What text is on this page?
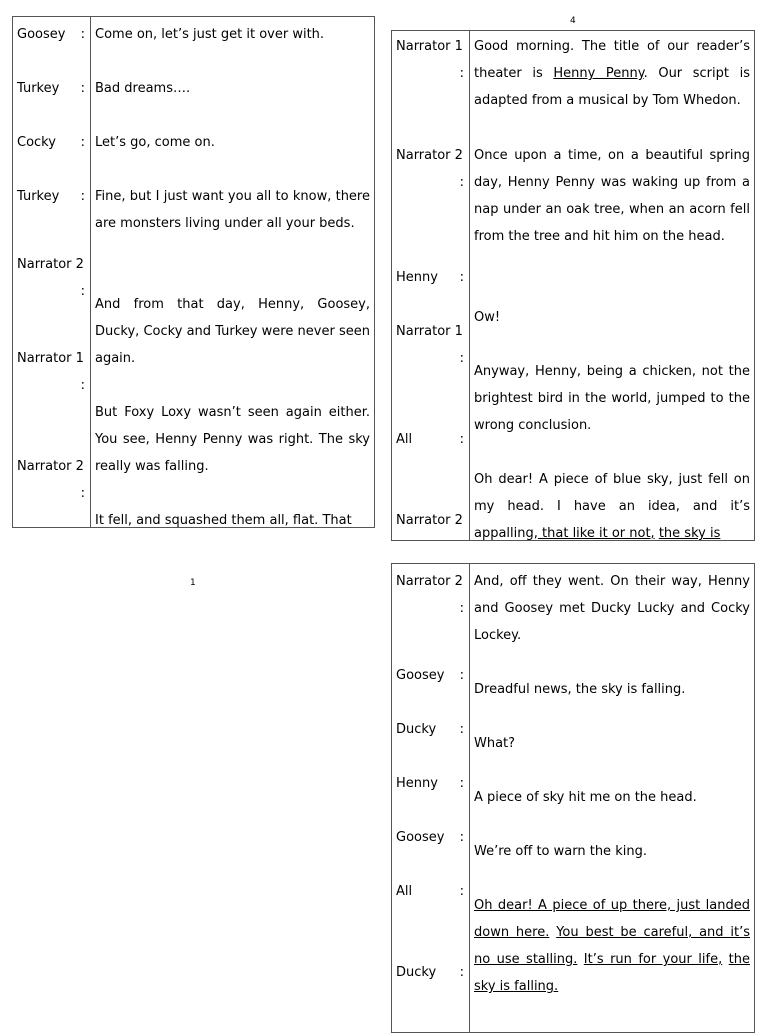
4
1
Goosey :
Turkey :
Cocky :
Turkey :
Narrator 2
:
Narrator 1
:
Narrator 2
:
Come on, let’s just get it over with.
Bad dreams….
Let’s go, come on.
Fine, but I just want you all to know, there are monsters living under all your beds.
And from that day, Henny, Goosey, Ducky, Cocky and Turkey were never seen again.
But Foxy Loxy wasn’t seen again either. You see, Henny Penny was right. The sky really was falling.
It fell, and squashed them all, flat. That
Narrator 1
:
Narrator 2
:
Henny :
Narrator 1
:
All	:
Narrator 2
Good morning. The title of our reader’s theater is Henny Penny. Our script is adapted from a musical by Tom Whedon.
Once upon a time, on a beautiful spring day, Henny Penny was waking up from a nap under an oak tree, when an acorn fell from the tree and hit him on the head.
Ow!
Anyway, Henny, being a chicken, not the brightest bird in the world, jumped to the wrong conclusion.
Oh dear! A piece of blue sky, just fell on my head. I have an idea, and it’s appalling, that like it or not, the sky is
Narrator 2
:
Goosey :
Ducky :
Henny :
Goosey :
All	:
Ducky :
And, off they went. On their way, Henny and Goosey met Ducky Lucky and Cocky Lockey.
Dreadful news, the sky is falling.
What?
A piece of sky hit me on the head.
We’re off to warn the king.
Oh dear! A piece of up there, just landed down here. You best be careful, and it’s no use stalling. It’s run for your life, the sky is falling.
